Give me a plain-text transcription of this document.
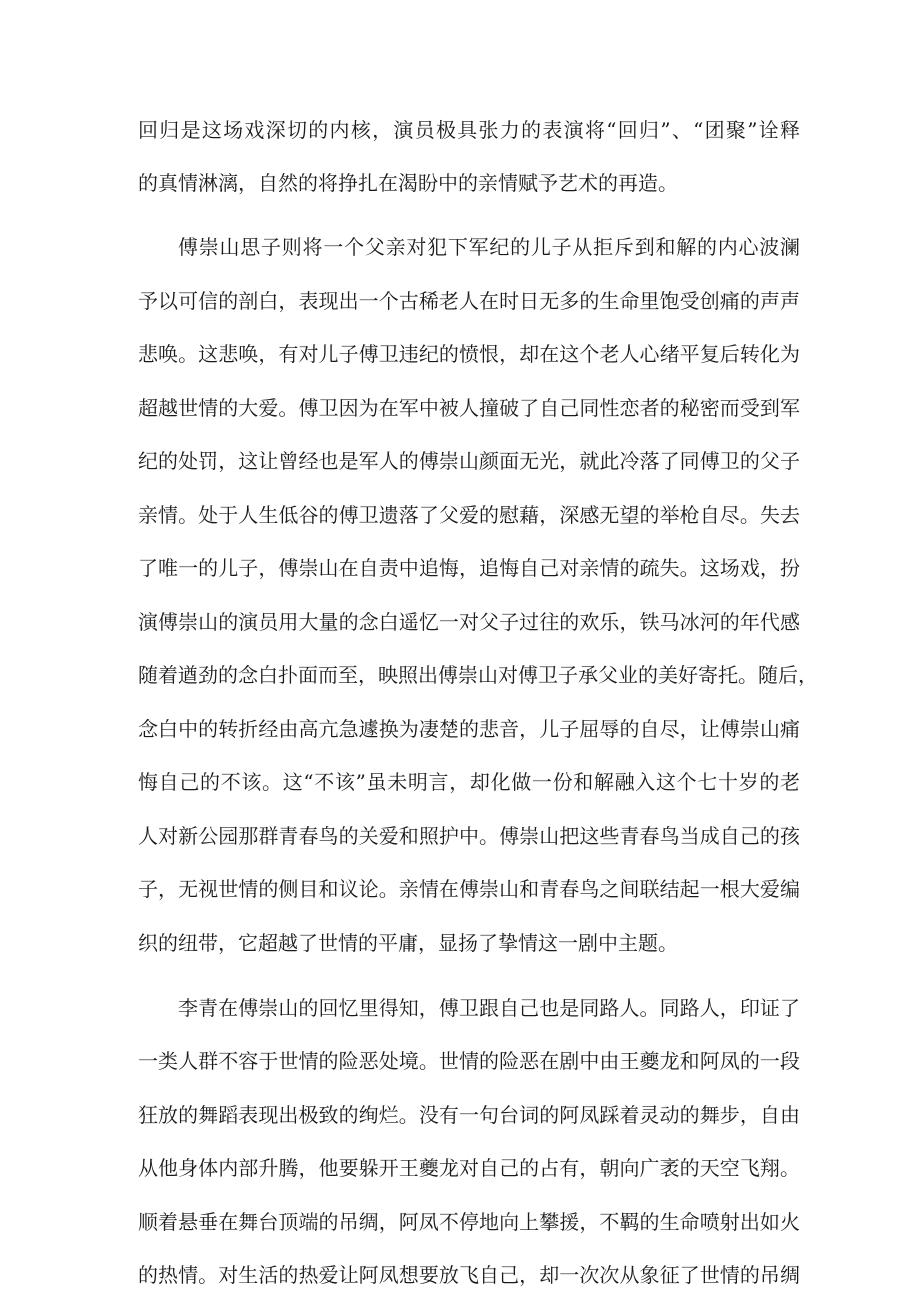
回归是这场戏深切的内核，演员极具张力的表演将“回归”、“团聚”诠释
的真情淋漓，自然的将挣扎在渴盼中的亲情赋予艺术的再造。
傅崇山思子则将一个父亲对犯下军纪的儿子从拒斥到和解的内心波澜
予以可信的剖白，表现出一个古稀老人在时日无多的生命里饱受创痛的声声
悲唤。这悲唤，有对儿子傅卫违纪的愤恨，却在这个老人心绪平复后转化为
超越世情的大爱。傅卫因为在军中被人撞破了自己同性恋者的秘密而受到军
纪的处罚，这让曾经也是军人的傅崇山颜面无光，就此冷落了同傅卫的父子
亲情。处于人生低谷的傅卫遗落了父爱的慰藉，深感无望的举枪自尽。失去
了唯一的儿子，傅崇山在自责中追悔，追悔自己对亲情的疏失。这场戏，扮
演傅崇山的演员用大量的念白遥忆一对父子过往的欢乐，铁马冰河的年代感
随着遒劲的念白扑面而至，映照出傅崇山对傅卫子承父业的美好寄托。随后，
念白中的转折经由高亢急遽换为凄楚的悲音，儿子屈辱的自尽，让傅崇山痛
悔自己的不该。这“不该”虽未明言，却化做一份和解融入这个七十岁的老
人对新公园那群青春鸟的关爱和照护中。傅崇山把这些青春鸟当成自己的孩
子，无视世情的侧目和议论。亲情在傅崇山和青春鸟之间联结起一根大爱编
织的纽带，它超越了世情的平庸，显扬了挚情这一剧中主题。
李青在傅崇山的回忆里得知，傅卫跟自己也是同路人。同路人，印证了
一类人群不容于世情的险恶处境。世情的险恶在剧中由王夔龙和阿凤的一段
狂放的舞蹈表现出极致的绚烂。没有一句台词的阿凤踩着灵动的舞步，自由
从他身体内部升腾，他要躲开王夔龙对自己的占有，朝向广袤的天空飞翔。
顺着悬垂在舞台顶端的吊绸，阿凤不停地向上攀援，不羁的生命喷射出如火
的热情。对生活的热爱让阿凤想要放飞自己，却一次次从象征了世情的吊绸
